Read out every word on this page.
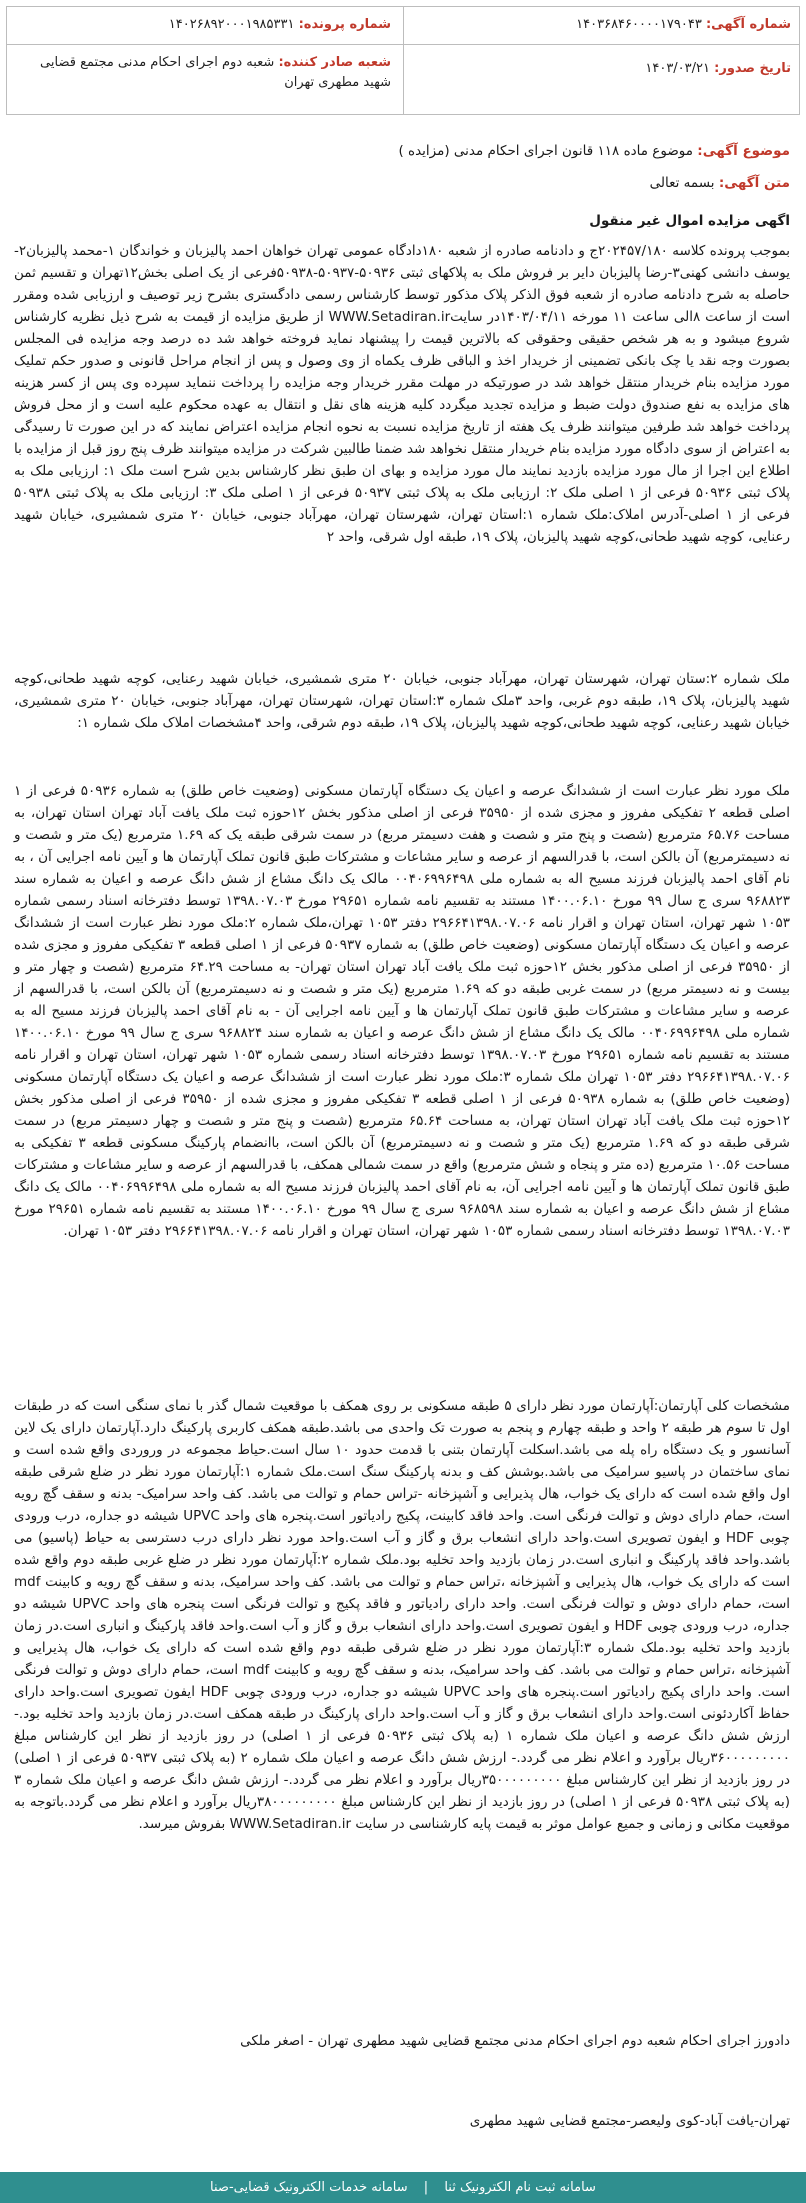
شماره آگهی: ۱۴۰۳۶۸۴۶۰۰۰۰۱۷۹۰۴۳
شماره پرونده: ۱۴۰۲۶۸۹۲۰۰۰۱۹۸۵۳۳۱
تاریخ صدور: ۱۴۰۳/۰۳/۲۱
شعبه صادر کننده: شعبه دوم اجرای احکام مدنی مجتمع قضایی شهید مطهری تهران
موضوع آگهی: موضوع ماده ۱۱۸ قانون اجرای احکام مدنی (مزایده )
متن آگهی: بسمه تعالی
اگهی مزایده اموال غیر منقول
بموجب پرونده کلاسه ۲۰۲۴۵۷/۱۸۰ج و دادنامه صادره از شعبه ۱۸۰دادگاه عمومی تهران خواهان احمد پالیزبان و خواندگان ۱-محمد پالیزبان۲-یوسف دانشی کهنی۳-رضا پالیزبان دایر بر فروش ملک به پلاکهای ثبتی ۵۰۹۳۶-۵۰۹۳۷-۵۰۹۳۸فرعی از یک اصلی بخش۱۲تهران و تقسیم ثمن حاصله به شرح دادنامه صادره از شعبه فوق الذکر پلاک مذکور توسط کارشناس رسمی دادگستری بشرح زیر توصیف و ارزیابی شده ومقرر است از ساعت ۸الی ساعت ۱۱ مورخه ۱۴۰۳/۰۴/۱۱در سایتWWW.Setadiran.ir از طریق مزایده از قیمت به شرح ذیل نظریه کارشناس شروع میشود و به هر شخص حقیقی وحقوقی که بالاترین قیمت را پیشنهاد نماید فروخته خواهد شد ده درصد وجه مزایده فی المجلس بصورت وجه نقد یا چک بانکی تضمینی از خریدار اخذ و الباقی ظرف یکماه از وی وصول و پس از انجام مراحل قانونی و صدور حکم تملیک مورد مزایده بنام خریدار منتقل خواهد شد در صورتیکه در مهلت مقرر خریدار وجه مزایده را پرداخت ننماید سپرده وی پس از کسر هزینه های مزایده به نفع صندوق دولت ضبط و مزایده تجدید میگردد کلیه هزینه های نقل و انتقال به عهده محکوم علیه است و از محل فروش پرداخت خواهد شد طرفین میتوانند ظرف یک هفته از تاریخ مزایده نسبت به نحوه انجام مزایده اعتراض نمایند که در این صورت تا رسیدگی به اعتراض از سوی دادگاه مورد مزایده بنام خریدار منتقل نخواهد شد ضمنا طالبین شرکت در مزایده میتوانند ظرف پنج روز قبل از مزایده با اطلاع این اجرا از مال مورد مزایده بازدید نمایند مال مورد مزایده و بهای ان طبق نظر کارشناس بدین شرح است ملک ۱: ارزیابی ملک به پلاک ثبتی ۵۰۹۳۶ فرعی از ۱ اصلی ملک ۲: ارزیابی ملک به پلاک ثبتی ۵۰۹۳۷ فرعی از ۱ اصلی ملک ۳: ارزیابی ملک به پلاک ثبتی ۵۰۹۳۸ فرعی از ۱ اصلی-آدرس املاک:ملک شماره ۱:استان تهران، شهرستان تهران، مهرآباد جنوبی، خیابان ۲۰ متری شمشیری، خیابان شهید رعنایی، کوچه شهید طحانی،کوچه شهید پالیزبان، پلاک ۱۹، طبقه اول شرقی، واحد ۲
ملک شماره ۲:ستان تهران، شهرستان تهران، مهرآباد جنوبی، خیابان ۲۰ متری شمشیری، خیابان شهید رعنایی، کوچه شهید طحانی،کوچه شهید پالیزبان، پلاک ۱۹، طبقه دوم غربی، واحد ۳ملک شماره ۳:استان تهران، شهرستان تهران، مهرآباد جنوبی، خیابان ۲۰ متری شمشیری، خیابان شهید رعنایی، کوچه شهید طحانی،کوچه شهید پالیزبان، پلاک ۱۹، طبقه دوم شرقی، واحد ۴مشخصات املاک ملک شماره ۱:
ملک مورد نظر عبارت است از ششدانگ عرصه و اعیان یک دستگاه آپارتمان مسکونی (وضعیت خاص طلق) به شماره ۵۰۹۳۶ فرعی از ۱ اصلی قطعه ۲ تفکیکی مفروز و مجزی شده از ۳۵۹۵۰ فرعی از اصلی مذکور بخش ۱۲حوزه ثبت ملک یافت آباد تهران استان تهران، به مساحت ۶۵.۷۶ مترمربع (شصت و پنج متر و شصت و هفت دسیمتر مربع) در سمت شرقی طبقه یک که ۱.۶۹ مترمربع (یک متر و شصت و نه دسیمترمربع) آن بالکن است، با قدرالسهم از عرصه و سایر مشاعات و مشترکات طبق قانون تملک آپارتمان ها و آیین نامه اجرایی آن ، به نام آقای احمد پالیزبان فرزند مسیح اله به شماره ملی ۰۰۴۰۶۹۹۶۴۹۸ مالک یک دانگ مشاع از شش دانگ عرصه و اعیان به شماره سند ۹۶۸۸۲۳ سری ج سال ۹۹ مورخ ۱۴۰۰.۰۶.۱۰ مستند به تقسیم نامه شماره ۲۹۶۵۱ مورخ ۱۳۹۸.۰۷.۰۳ توسط دفترخانه اسناد رسمی شماره ۱۰۵۳ شهر تهران، استان تهران و اقرار نامه ۲۹۶۶۴۱۳۹۸.۰۷.۰۶ دفتر ۱۰۵۳ تهران،ملک شماره ۲:ملک مورد نظر عبارت است از ششدانگ عرصه و اعیان یک دستگاه آپارتمان مسکونی (وضعیت خاص طلق) به شماره ۵۰۹۳۷ فرعی از ۱ اصلی قطعه ۳ تفکیکی مفروز و مجزی شده از ۳۵۹۵۰ فرعی از اصلی مذکور بخش ۱۲حوزه ثبت ملک یافت آباد تهران استان تهران- به مساحت ۶۴.۲۹ مترمربع (شصت و چهار متر و بیست و نه دسیمتر مربع) در سمت غربی طبقه دو که ۱.۶۹ مترمربع (یک متر و شصت و نه دسیمترمربع) آن بالکن است، با قدرالسهم از عرصه و سایر مشاعات و مشترکات طبق قانون تملک آپارتمان ها و آیین نامه اجرایی آن - به نام آقای احمد پالیزبان فرزند مسیح اله به شماره ملی ۰۰۴۰۶۹۹۶۴۹۸ مالک یک دانگ مشاع از شش دانگ عرصه و اعیان به شماره سند ۹۶۸۸۲۴ سری ج سال ۹۹ مورخ ۱۴۰۰.۰۶.۱۰ مستند به تقسیم نامه شماره ۲۹۶۵۱ مورخ ۱۳۹۸.۰۷.۰۳ توسط دفترخانه اسناد رسمی شماره ۱۰۵۳ شهر تهران، استان تهران و اقرار نامه ۲۹۶۶۴۱۳۹۸.۰۷.۰۶ دفتر ۱۰۵۳ تهران ملک شماره ۳:ملک مورد نظر عبارت است از ششدانگ عرصه و اعیان یک دستگاه آپارتمان مسکونی (وضعیت خاص طلق) به شماره ۵۰۹۳۸ فرعی از ۱ اصلی قطعه ۳ تفکیکی مفروز و مجزی شده از ۳۵۹۵۰ فرعی از اصلی مذکور بخش ۱۲حوزه ثبت ملک یافت آباد تهران استان تهران، به مساحت ۶۵.۶۴ مترمربع (شصت و پنج متر و شصت و چهار دسیمتر مربع) در سمت شرقی طبقه دو که ۱.۶۹ مترمربع (یک متر و شصت و نه دسیمترمربع) آن بالکن است، باانضمام پارکینگ مسکونی قطعه ۳ تفکیکی به مساحت ۱۰.۵۶ مترمربع (ده متر و پنجاه و شش مترمربع) واقع در سمت شمالی همکف، با قدرالسهم از عرصه و سایر مشاعات و مشترکات طبق قانون تملک آپارتمان ها و آیین نامه اجرایی آن، به نام آقای احمد پالیزبان فرزند مسیح اله به شماره ملی ۰۰۴۰۶۹۹۶۴۹۸ مالک یک دانگ مشاع از شش دانگ عرصه و اعیان به شماره سند ۹۶۸۵۹۸ سری ج سال ۹۹ مورخ ۱۴۰۰.۰۶.۱۰ مستند به تقسیم نامه شماره ۲۹۶۵۱ مورخ ۱۳۹۸.۰۷.۰۳ توسط دفترخانه اسناد رسمی شماره ۱۰۵۳ شهر تهران، استان تهران و اقرار نامه ۲۹۶۶۴۱۳۹۸.۰۷.۰۶ دفتر ۱۰۵۳ تهران.
مشخصات کلی آپارتمان:آپارتمان مورد نظر دارای ۵ طبقه مسکونی بر روی همکف با موقعیت شمال گذر با نمای سنگی است که در طبقات اول تا سوم هر طبقه ۲ واحد و طبقه چهارم و پنجم به صورت تک واحدی می باشد.طبقه همکف کاربری پارکینگ دارد.آپارتمان دارای یک لاین آسانسور و یک دستگاه راه پله می باشد.اسکلت آپارتمان بتنی با قدمت حدود ۱۰ سال است.حیاط مجموعه در وروردی واقع شده است و نمای ساختمان در پاسیو سرامیک می باشد.بوشش کف و بدنه پارکینگ سنگ است.ملک شماره ۱:آپارتمان مورد نظر در ضلع شرقی طبقه اول واقع شده است که دارای یک خواب، هال پذیرایی و آشپزخانه -تراس حمام و توالت می باشد. کف واحد سرامیک- بدنه و سقف گچ رویه است، حمام دارای دوش و توالت فرنگی است. واحد فاقد کابینت، پکیج رادیاتور است.پنجره های واحد UPVC شیشه دو جداره، درب ورودی چوبی HDF و ایفون تصویری است.واحد دارای انشعاب برق و گاز و آب است.واحد مورد نظر دارای درب دسترسی به حیاط (پاسیو) می باشد.واحد فاقد پارکینگ و انباری است.در زمان بازدید واحد تخلیه بود.ملک شماره ۲:آپارتمان مورد نظر در ضلع غربی طبقه دوم واقع شده است که دارای یک خواب، هال پذیرایی و آشپزخانه ،تراس حمام و توالت می باشد. کف واحد سرامیک، بدنه و سقف گچ رویه و کابینت mdf است، حمام دارای دوش و توالت فرنگی است. واحد دارای رادیاتور و فاقد پکیج و توالت فرنگی است پنجره های واحد UPVC شیشه دو جداره، درب ورودی چوبی HDF و ایفون تصویری است.واحد دارای انشعاب برق و گاز و آب است.واحد فاقد پارکینگ و انباری است.در زمان بازدید واحد تخلیه بود.ملک شماره ۳:آپارتمان مورد نظر در ضلع شرقی طبقه دوم واقع شده است که دارای یک خواب، هال پذیرایی و آشپزخانه ،تراس حمام و توالت می باشد. کف واحد سرامیک، بدنه و سقف گچ رویه و کابینت mdf است، حمام دارای دوش و توالت فرنگی است. واحد دارای پکیج رادیاتور است.پنجره های واحد UPVC شیشه دو جداره، درب ورودی چوبی HDF ایفون تصویری است.واحد دارای حفاظ آکاردئونی است.واحد دارای انشعاب برق و گاز و آب است.واحد دارای پارکینگ در طبقه همکف است.در زمان بازدید واحد تخلیه بود.-ارزش شش دانگ عرصه و اعیان ملک شماره ۱ (به پلاک ثبتی ۵۰۹۳۶ فرعی از ۱ اصلی) در روز بازدید از نظر این کارشناس مبلغ ۳۶۰۰۰۰۰۰۰۰۰ریال برآورد و اعلام نظر می گردد.- ارزش شش دانگ عرصه و اعیان ملک شماره ۲ (به پلاک ثبتی ۵۰۹۳۷ فرعی از ۱ اصلی) در روز بازدید از نظر این کارشناس مبلغ ۳۵۰۰۰۰۰۰۰۰۰ریال برآورد و اعلام نظر می گردد.- ارزش شش دانگ عرصه و اعیان ملک شماره ۳ (به پلاک ثبتی ۵۰۹۳۸ فرعی از ۱ اصلی) در روز بازدید از نظر این کارشناس مبلغ ۳۸۰۰۰۰۰۰۰۰۰ریال برآورد و اعلام نظر می گردد.باتوجه به موقعیت مکانی و زمانی و جمیع عوامل موثر به قیمت پایه کارشناسی در سایت WWW.Setadiran.ir بفروش میرسد.
دادورز اجرای احکام شعبه دوم اجرای احکام مدنی مجتمع قضایی شهید مطهری تهران - اصغر ملکی
تهران-یافت آباد-کوی ولیعصر-مجتمع قضایی شهید مطهری
سامانه ثبت نام الکترونیک ثنا | سامانه خدمات الکترونیک قضایی-صنا
